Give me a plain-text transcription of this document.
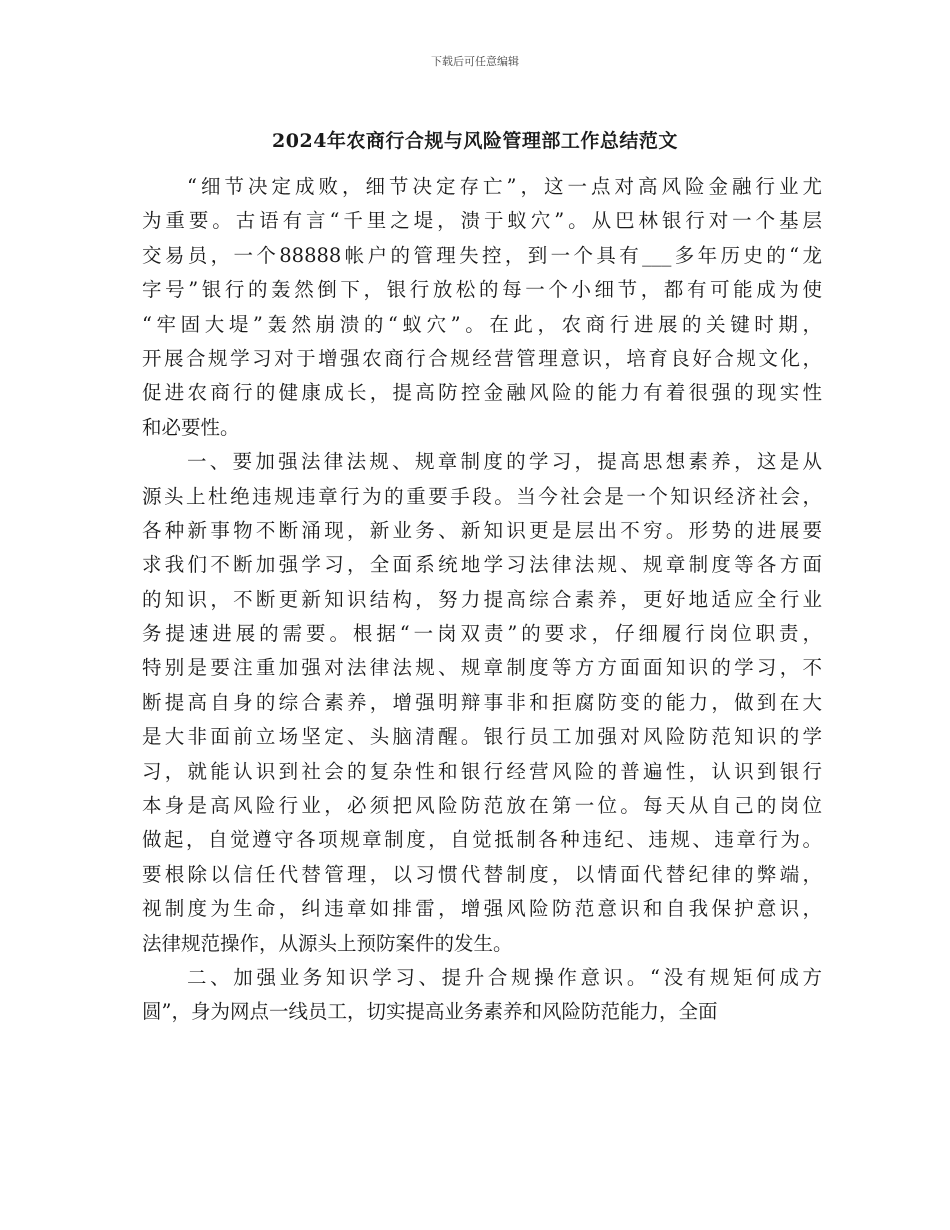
下载后可任意编辑
2024年农商行合规与风险管理部工作总结范文
“细节决定成败，细节决定存亡”，这一点对高风险金融行业尤
为重要。古语有言“千里之堤，溃于蚁穴”。从巴林银行对一个基层
交易员，一个88888帐户的管理失控，到一个具有___多年历史的“龙
字号”银行的轰然倒下，银行放松的每一个小细节，都有可能成为使
“牢固大堤”轰然崩溃的“蚁穴”。在此，农商行进展的关键时期，
开展合规学习对于增强农商行合规经营管理意识，培育良好合规文化，
促进农商行的健康成长，提高防控金融风险的能力有着很强的现实性
和必要性。
一、要加强法律法规、规章制度的学习，提高思想素养，这是从
源头上杜绝违规违章行为的重要手段。当今社会是一个知识经济社会，
各种新事物不断涌现，新业务、新知识更是层出不穷。形势的进展要
求我们不断加强学习，全面系统地学习法律法规、规章制度等各方面
的知识，不断更新知识结构，努力提高综合素养，更好地适应全行业
务提速进展的需要。根据“一岗双责”的要求，仔细履行岗位职责，
特别是要注重加强对法律法规、规章制度等方方面面知识的学习，不
断提高自身的综合素养，增强明辩事非和拒腐防变的能力，做到在大
是大非面前立场坚定、头脑清醒。银行员工加强对风险防范知识的学
习，就能认识到社会的复杂性和银行经营风险的普遍性，认识到银行
本身是高风险行业，必须把风险防范放在第一位。每天从自己的岗位
做起，自觉遵守各项规章制度，自觉抵制各种违纪、违规、违章行为。
要根除以信任代替管理，以习惯代替制度，以情面代替纪律的弊端，
视制度为生命，纠违章如排雷，增强风险防范意识和自我保护意识，
法律规范操作，从源头上预防案件的发生。
二、加强业务知识学习、提升合规操作意识。“没有规矩何成方
圆”，身为网点一线员工，切实提高业务素养和风险防范能力，全面
